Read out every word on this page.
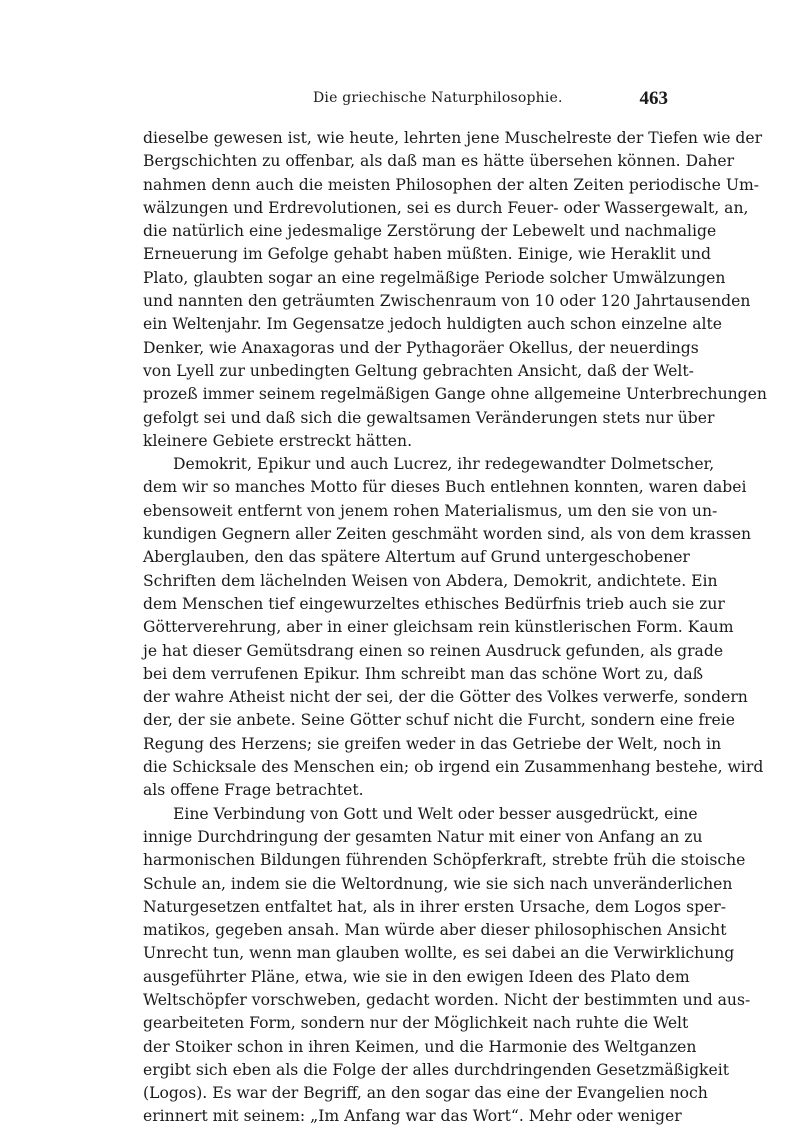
Die griechische Naturphilosophie.	463
dieselbe gewesen ist, wie heute, lehrten jene Muschelreste der Tiefen wie der
Bergschichten zu offenbar, als daß man es hätte übersehen können. Daher
nahmen denn auch die meisten Philosophen der alten Zeiten periodische Um-
wälzungen und Erdrevolutionen, sei es durch Feuer- oder Wassergewalt, an,
die natürlich eine jedesmalige Zerstörung der Lebewelt und nachmalige
Erneuerung im Gefolge gehabt haben müßten. Einige, wie Heraklit und
Plato, glaubten sogar an eine regelmäßige Periode solcher Umwälzungen
und nannten den geträumten Zwischenraum von 10 oder 120 Jahrtausenden
ein Weltenjahr. Im Gegensatze jedoch huldigten auch schon einzelne alte
Denker, wie Anaxagoras und der Pythagoräer Okellus, der neuerdings
von Lyell zur unbedingten Geltung gebrachten Ansicht, daß der Welt-
prozeß immer seinem regelmäßigen Gange ohne allgemeine Unterbrechungen
gefolgt sei und daß sich die gewaltsamen Veränderungen stets nur über
kleinere Gebiete erstreckt hätten.
Demokrit, Epikur und auch Lucrez, ihr redegewandter Dolmetscher,
dem wir so manches Motto für dieses Buch entlehnen konnten, waren dabei
ebensoweit entfernt von jenem rohen Materialismus, um den sie von un-
kundigen Gegnern aller Zeiten geschmäht worden sind, als von dem krassen
Aberglauben, den das spätere Altertum auf Grund untergeschobener
Schriften dem lächelnden Weisen von Abdera, Demokrit, andichtete. Ein
dem Menschen tief eingewurzeltes ethisches Bedürfnis trieb auch sie zur
Götterverehrung, aber in einer gleichsam rein künstlerischen Form. Kaum
je hat dieser Gemütsdrang einen so reinen Ausdruck gefunden, als grade
bei dem verrufenen Epikur. Ihm schreibt man das schöne Wort zu, daß
der wahre Atheist nicht der sei, der die Götter des Volkes verwerfe, sondern
der, der sie anbete. Seine Götter schuf nicht die Furcht, sondern eine freie
Regung des Herzens; sie greifen weder in das Getriebe der Welt, noch in
die Schicksale des Menschen ein; ob irgend ein Zusammenhang bestehe, wird
als offene Frage betrachtet.
Eine Verbindung von Gott und Welt oder besser ausgedrückt, eine
innige Durchdringung der gesamten Natur mit einer von Anfang an zu
harmonischen Bildungen führenden Schöpferkraft, strebte früh die stoische
Schule an, indem sie die Weltordnung, wie sie sich nach unveränderlichen
Naturgesetzen entfaltet hat, als in ihrer ersten Ursache, dem Logos sper-
matikos, gegeben ansah. Man würde aber dieser philosophischen Ansicht
Unrecht tun, wenn man glauben wollte, es sei dabei an die Verwirklichung
ausgeführter Pläne, etwa, wie sie in den ewigen Ideen des Plato dem
Weltschöpfer vorschweben, gedacht worden. Nicht der bestimmten und aus-
gearbeiteten Form, sondern nur der Möglichkeit nach ruhte die Welt
der Stoiker schon in ihren Keimen, und die Harmonie des Weltganzen
ergibt sich eben als die Folge der alles durchdringenden Gesetzmäßigkeit
(Logos). Es war der Begriff, an den sogar das eine der Evangelien noch
erinnert mit seinem: „Im Anfang war das Wort“. Mehr oder weniger
